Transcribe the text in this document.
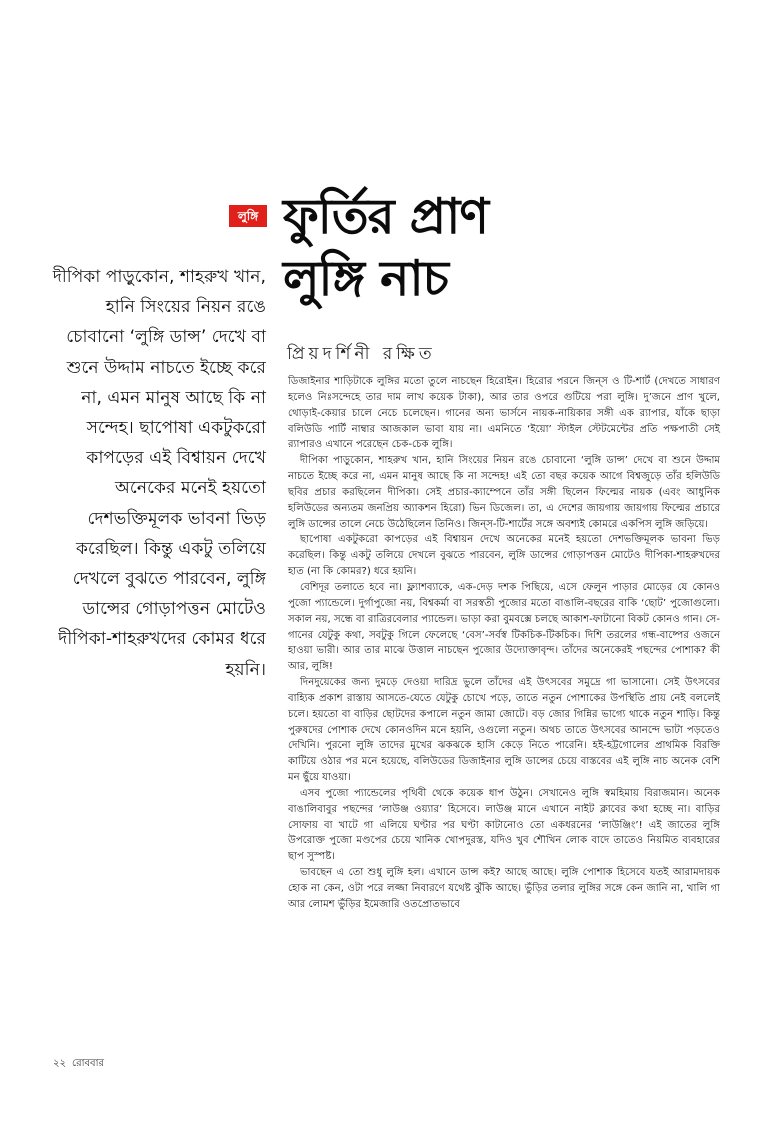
লুঙ্গি ফুর্তির প্রাণ
লুঙ্গি নাচ
প্রিয়দর্শিনী রক্ষিত
দীপিকা পাড়ুকোন, শাহরুখ খান, হানি সিংয়ের নিয়ন রঙে চোবানো ‘লুঙ্গি ডান্স’ দেখে বা শুনে উদ্দাম নাচতে ইচ্ছে করে না, এমন মানুষ আছে কি না সন্দেহ। ছাপোষা একটুকরো কাপড়ের এই বিশ্বায়ন দেখে অনেকের মনেই হয়তো দেশভক্তিমূলক ভাবনা ভিড় করেছিল। কিন্তু একটু তলিয়ে দেখলে বুঝতে পারবেন, লুঙ্গি ডান্সের গোড়াপত্তন মোটেও দীপিকা-শাহরুখদের কোমর ধরে হয়নি।

ডিজাইনার শাড়িটাকে লুঙ্গির মতো তুলে নাচছেন হিরোইন। হিরোর পরনে জিন্‌স ও টি-শার্ট (দেখতে সাধারণ হলেও নিঃসন্দেহে তার দাম লাখ কয়েক টাকা), আর তার ওপরে গুটিয়ে পরা লুঙ্গি। দু’জনে প্রাণ খুলে, থোড়াই-কেয়ার চালে নেচে চলেছেন। গানের অন্য ভার্সনে নায়ক-নায়িকার সঙ্গী এক র‍্যাপার, যাঁকে ছাড়া বলিউডি পার্টি নাম্বার আজকাল ভাবা যায় না। এমনিতে ‘ইয়ো’ স্টাইল স্টেটমেন্টের প্রতি পক্ষপাতী সেই র‍্যাপারও এখানে পরেছেন চেক-চেক লুঙ্গি।

দীপিকা পাড়ুকোন, শাহরুখ খান, হানি সিংয়ের নিয়ন রঙে চোবানো ‘লুঙ্গি ডান্স’ দেখে বা শুনে উদ্দাম নাচতে ইচ্ছে করে না, এমন মানুষ আছে কি না সন্দেহ! এই তো বছর কয়েক আগে বিশ্বজুড়ে তাঁর হলিউডি ছবির প্রচার করছিলেন দীপিকা। সেই প্রচার-ক্যাম্পেনে তাঁর সঙ্গী ছিলেন ফিল্মের নায়ক (এবং আধুনিক হলিউডের অন্যতম জনপ্রিয় অ্যাকশন হিরো) ভিন ডিজেল। তা, এ দেশের জায়গায় জায়গায় ফিল্মের প্রচারে লুঙ্গি ডান্সের তালে নেচে উঠেছিলেন তিনিও। জিন্‌স-টি-শার্টের সঙ্গে অবশ্যই কোমরে একপিস লুঙ্গি জড়িয়ে।

ছাপোষা একটুকরো কাপড়ের এই বিশ্বায়ন দেখে অনেকের মনেই হয়তো দেশভক্তিমূলক ভাবনা ভিড় করেছিল। কিন্তু একটু তলিয়ে দেখলে বুঝতে পারবেন, লুঙ্গি ডান্সের গোড়াপত্তন মোটেও দীপিকা-শাহরুখদের হাত (না কি কোমর?) ধরে হয়নি।

বেশিদূর তলাতে হবে না। ফ্ল্যাশব্যাকে, এক-দেড় দশক পিছিয়ে, এসে ফেলুন পাড়ার মোড়ের যে কোনও পুজো প্যান্ডেলে। দুর্গাপুজো নয়, বিশ্বকর্মা বা সরস্বতী পুজোর মতো বাঙালি-বছরের বাকি ‘ছোট’ পুজোগুলো। সকাল নয়, সন্ধে বা রাত্রিরবেলার প্যান্ডেল। ভাড়া করা বুমবক্সে চলছে আকাশ-ফাটানো বিকট কোনও গান। সে-গানের যেটুকু কথা, সবটুকু গিলে ফেলেছে ‘বেস’-সর্বস্ব টিকচিক-টিকচিক। দিশি তরলের গন্ধ-বাষ্পের ওজনে হাওয়া ভারী। আর তার মাঝে উত্তাল নাচছেন পুজোর উদ্যোক্তাবৃন্দ। তাঁদের অনেকেরই পছন্দের পোশাক? কী আর, লুঙ্গি!

দিনদুয়েকের জন্য দুমড়ে দেওয়া দারিদ্র ভুলে তাঁদের এই উৎসবের সমুদ্রে গা ভাসানো। সেই উৎসবের বাহ্যিক প্রকাশ রাস্তায় আসতে-যেতে যেটুকু চোখে পড়ে, তাতে নতুন পোশাকের উপস্থিতি প্রায় নেই বললেই চলে। হয়তো বা বাড়ির ছোটদের কপালে নতুন জামা জোটে। বড় জোর গিন্নির ভাগ্যে থাকে নতুন শাড়ি। কিন্তু পুরুষদের পোশাক দেখে কোনওদিন মনে হয়নি, ওগুলো নতুন। অথচ তাতে উৎসবের আনন্দে ভাটা পড়তেও দেখিনি। পুরনো লুঙ্গি তাদের মুখের ঝকঝকে হাসি কেড়ে নিতে পারেনি। হই-হট্টগোলের প্রাথমিক বিরক্তি কাটিয়ে ওঠার পর মনে হয়েছে, বলিউডের ডিজাইনার লুঙ্গি ডান্সের চেয়ে বাস্তবের এই লুঙ্গি নাচ অনেক বেশি মন ছুঁয়ে যাওয়া।

এসব পুজো প্যান্ডেলের পৃথিবী থেকে কয়েক ধাপ উঠুন। সেখানেও লুঙ্গি স্বমহিমায় বিরাজমান। অনেক বাঙালিবাবুর পছন্দের ‘লাউঞ্জ ওয়্যার’ হিসেবে। লাউঞ্জ মানে এখানে নাইট ক্লাবের কথা হচ্ছে না। বাড়ির সোফায় বা খাটে গা এলিয়ে ঘণ্টার পর ঘণ্টা কাটানোও তো একধরনের ‘লাউঞ্জিং’! এই জাতের লুঙ্গি উপরোক্ত পুজো মণ্ডপের চেয়ে খানিক খোপদুরস্ত, যদিও খুব শৌখিন লোক বাদে তাতেও নিয়মিত ব্যবহারের ছাপ সুস্পষ্ট।

ভাবছেন এ তো শুধু লুঙ্গি হল। এখানে ডান্স কই? আছে আছে। লুঙ্গি পোশাক হিসেবে যতই আরামদায়ক হোক না কেন, ওটা পরে লজ্জা নিবারণে যথেষ্ট ঝুঁকি আছে। ভুঁড়ির তলার লুঙ্গির সঙ্গে কেন জানি না, খালি গা আর লোমশ ভুঁড়ির ইমেজারি ওতপ্রোতভাবে

২২ রোববার
